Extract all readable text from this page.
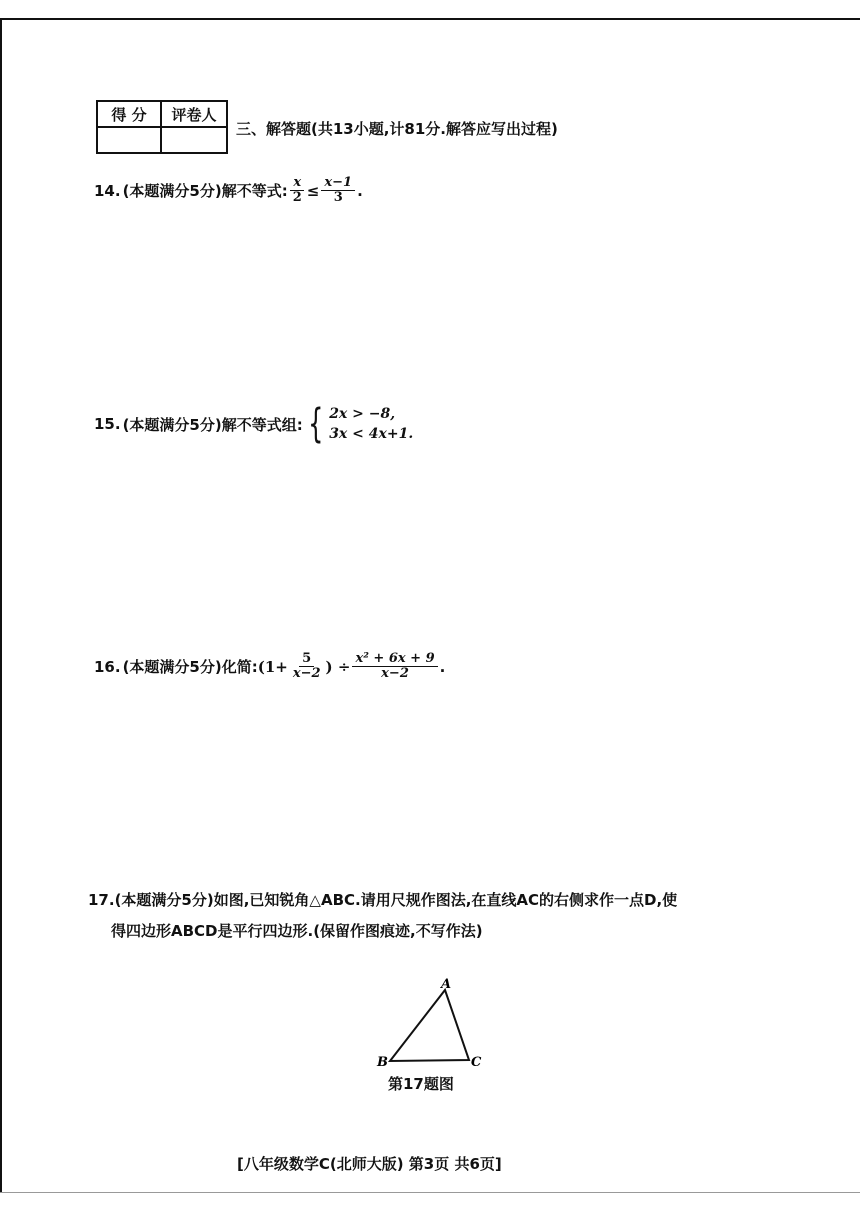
得 分	评卷人

三、解答题(共13小题,计81分.解答应写出过程)
14. (本题满分5分)解不等式: $\frac{x}{2} \le \frac{x-1}{3}$ .
15. (本题满分5分)解不等式组: { 2x > −8,
3x < 4x+1.
16. (本题满分5分)化简: ($1+ \frac{5}{x-2}$ ) ÷ $\frac{\text{x² + 6x + 9}}{x-2}$ .
17.(本题满分5分)如图,已知锐角△ABC.请用尺规作图法,在直线AC的右侧求作一点D,使
得四边形ABCD是平行四边形.(保留作图痕迹,不写作法)
A
B	C
第17题图
[八年级数学C(北师大版) 第3页 共6页]
